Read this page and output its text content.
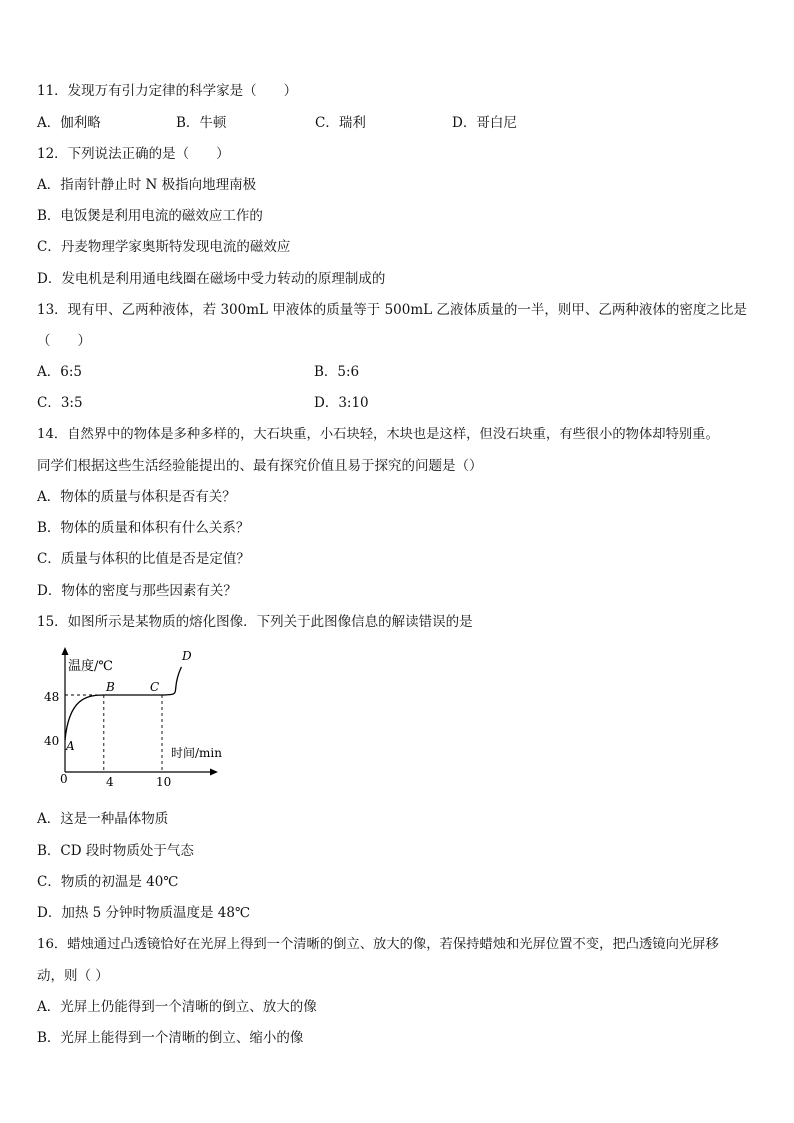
11．发现万有引力定律的科学家是（　　）
A．伽利略	B．牛顿	C．瑞利	D．哥白尼
12．下列说法正确的是（　　）
A．指南针静止时 N 极指向地理南极
B．电饭煲是利用电流的磁效应工作的
C．丹麦物理学家奥斯特发现电流的磁效应
D．发电机是利用通电线圈在磁场中受力转动的原理制成的
13．现有甲、乙两种液体，若 300mL 甲液体的质量等于 500mL 乙液体质量的一半，则甲、乙两种液体的密度之比是
（　　）
A．6:5	B．5:6
C．3:5	D．3:10
14．自然界中的物体是多种多样的，大石块重，小石块轻，木块也是这样，但没石块重，有些很小的物体却特别重。
同学们根据这些生活经验能提出的、最有探究价值且易于探究的问题是（）
A．物体的质量与体积是否有关？
B．物体的质量和体积有什么关系？
C．质量与体积的比值是否是定值？
D．物体的密度与那些因素有关？
15．如图所示是某物质的熔化图像．下列关于此图像信息的解读错误的是
温度/℃
时间/min
48
40
0	4	10
A
B	C
D
A．这是一种晶体物质
B．CD 段时物质处于气态
C．物质的初温是 40℃
D．加热 5 分钟时物质温度是 48℃
16．蜡烛通过凸透镜恰好在光屏上得到一个清晰的倒立、放大的像，若保持蜡烛和光屏位置不变，把凸透镜向光屏移
动，则（ ）
A．光屏上仍能得到一个清晰的倒立、放大的像
B．光屏上能得到一个清晰的倒立、缩小的像
